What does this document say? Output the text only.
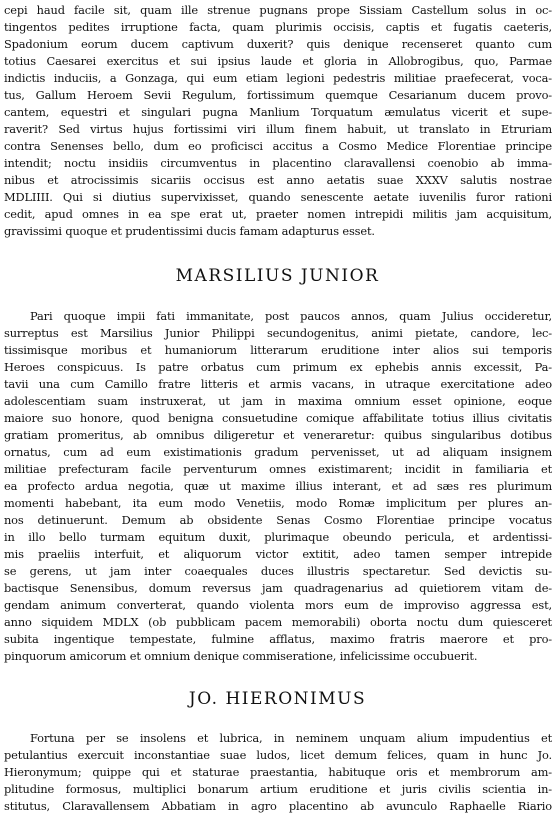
cepi haud facile sit, quam ille strenue pugnans prope Sissiam Castellum solus in oc-
tingentos pedites irruptione facta, quam plurimis occisis, captis et fugatis caeteris,
Spadonium eorum ducem captivum duxerit? quis denique recenseret quanto cum
totius Caesarei exercitus et sui ipsius laude et gloria in Allobrogibus, quo, Parmae
indictis induciis, a Gonzaga, qui eum etiam legioni pedestris militiae praefecerat, voca-
tus, Gallum Heroem Sevii Regulum, fortissimum quemque Cesarianum ducem provo-
cantem, equestri et singulari pugna Manlium Torquatum æmulatus vicerit et supe-
raverit? Sed virtus hujus fortissimi viri illum finem habuit, ut translato in Etruriam
contra Senenses bello, dum eo proficisci accitus a Cosmo Medice Florentiae principe
intendit; noctu insidiis circumventus in placentino claravallensi coenobio ab imma-
nibus et atrocissimis sicariis occisus est anno aetatis suae XXXV salutis nostrae
MDLIIII. Qui si diutius supervixisset, quando senescente aetate iuvenilis furor rationi
cedit, apud omnes in ea spe erat ut, praeter nomen intrepidi militis jam acquisitum,
gravissimi quoque et prudentissimi ducis famam adapturus esset.
MARSILIUS JUNIOR
Pari quoque impii fati immanitate, post paucos annos, quam Julius occideretur,
surreptus est Marsilius Junior Philippi secundogenitus, animi pietate, candore, lec-
tissimisque moribus et humaniorum litterarum eruditione inter alios sui temporis
Heroes conspicuus. Is patre orbatus cum primum ex ephebis annis excessit, Pa-
tavii una cum Camillo fratre litteris et armis vacans, in utraque exercitatione adeo
adolescentiam suam instruxerat, ut jam in maxima omnium esset opinione, eoque
maiore suo honore, quod benigna consuetudine comique affabilitate totius illius civitatis
gratiam promeritus, ab omnibus diligeretur et veneraretur: quibus singularibus dotibus
ornatus, cum ad eum existimationis gradum pervenisset, ut ad aliquam insignem
militiae prefecturam facile perventurum omnes existimarent; incidit in familiaria et
ea profecto ardua negotia, quæ ut maxime illius interant, et ad sæs res plurimum
momenti habebant, ita eum modo Venetiis, modo Romæ implicitum per plures an-
nos detinuerunt. Demum ab obsidente Senas Cosmo Florentiae principe vocatus
in illo bello turmam equitum duxit, plurimaque obeundo pericula, et ardentissi-
mis praeliis interfuit, et aliquorum victor extitit, adeo tamen semper intrepide
se gerens, ut jam inter coaequales duces illustris spectaretur. Sed devictis su-
bactisque Senensibus, domum reversus jam quadragenarius ad quietiorem vitam de-
gendam animum converterat, quando violenta mors eum de improviso aggressa est,
anno siquidem MDLX (ob pubblicam pacem memorabili) oborta noctu dum quiesceret
subita ingentique tempestate, fulmine afflatus, maximo fratris maerore et pro-
pinquorum amicorum et omnium denique commiseratione, infelicissime occubuerit.
JO. HIERONIMUS
Fortuna per se insolens et lubrica, in neminem unquam alium impudentius et
petulantius exercuit inconstantiae suae ludos, licet demum felices, quam in hunc Jo.
Hieronymum; quippe qui et staturae praestantia, habituque oris et membrorum am-
plitudine formosus, multiplici bonarum artium eruditione et juris civilis scientia in-
stitutus, Claravallensem Abbatiam in agro placentino ab avunculo Raphaelle Riario
